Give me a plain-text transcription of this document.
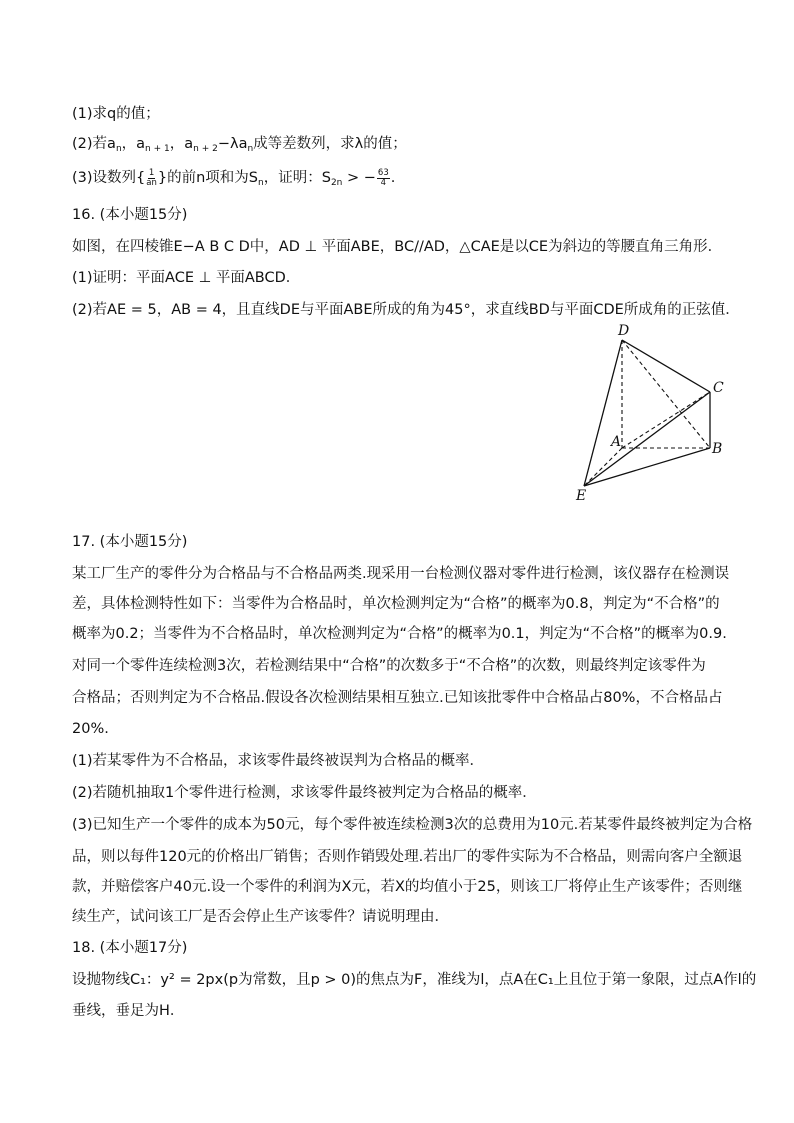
(1)求q的值；
(2)若$a_n$，$a_{n + 1}$，$a_{n + 2}-\lambda a_n$成等差数列，求λ的值；
(3)设数列{ $\frac{1}{an}$ }的前n项和为$S_n$，证明：$S_{2n}$ > − $\frac{63}{4}$ .
16. (本小题15分)
如图，在四棱锥E−A B C D中，AD ⊥ 平面ABE，BC//AD，△CAE是以CE为斜边的等腰直角三角形．
(1)证明：平面ACE ⊥ 平面ABCD．
(2)若AE = 5，AB = 4，且直线DE与平面ABE所成的角为45°，求直线BD与平面CDE所成角的正弦值．
D
C
A	B
E
17. (本小题15分)
某工厂生产的零件分为合格品与不合格品两类.现采用一台检测仪器对零件进行检测，该仪器存在检测误
差，具体检测特性如下：当零件为合格品时，单次检测判定为“合格”的概率为0.8，判定为“不合格”的
概率为0.2；当零件为不合格品时，单次检测判定为“合格”的概率为0.1，判定为“不合格”的概率为0.9.
对同一个零件连续检测3次，若检测结果中“合格”的次数多于“不合格”的次数，则最终判定该零件为
合格品；否则判定为不合格品.假设各次检测结果相互独立.已知该批零件中合格品占80%，不合格品占
20%.
(1)若某零件为不合格品，求该零件最终被误判为合格品的概率．
(2)若随机抽取1个零件进行检测，求该零件最终被判定为合格品的概率．
(3)已知生产一个零件的成本为50元，每个零件被连续检测3次的总费用为10元.若某零件最终被判定为合格
品，则以每件120元的价格出厂销售；否则作销毁处理.若出厂的零件实际为不合格品，则需向客户全额退
款，并赔偿客户40元.设一个零件的利润为X元，若X的均值小于25，则该工厂将停止生产该零件；否则继
续生产，试问该工厂是否会停止生产该零件？请说明理由．
18. (本小题17分)
设抛物线C₁：y² = 2px(p为常数，且p > 0)的焦点为F，准线为l，点A在C₁上且位于第一象限，过点A作l的
垂线，垂足为H．
